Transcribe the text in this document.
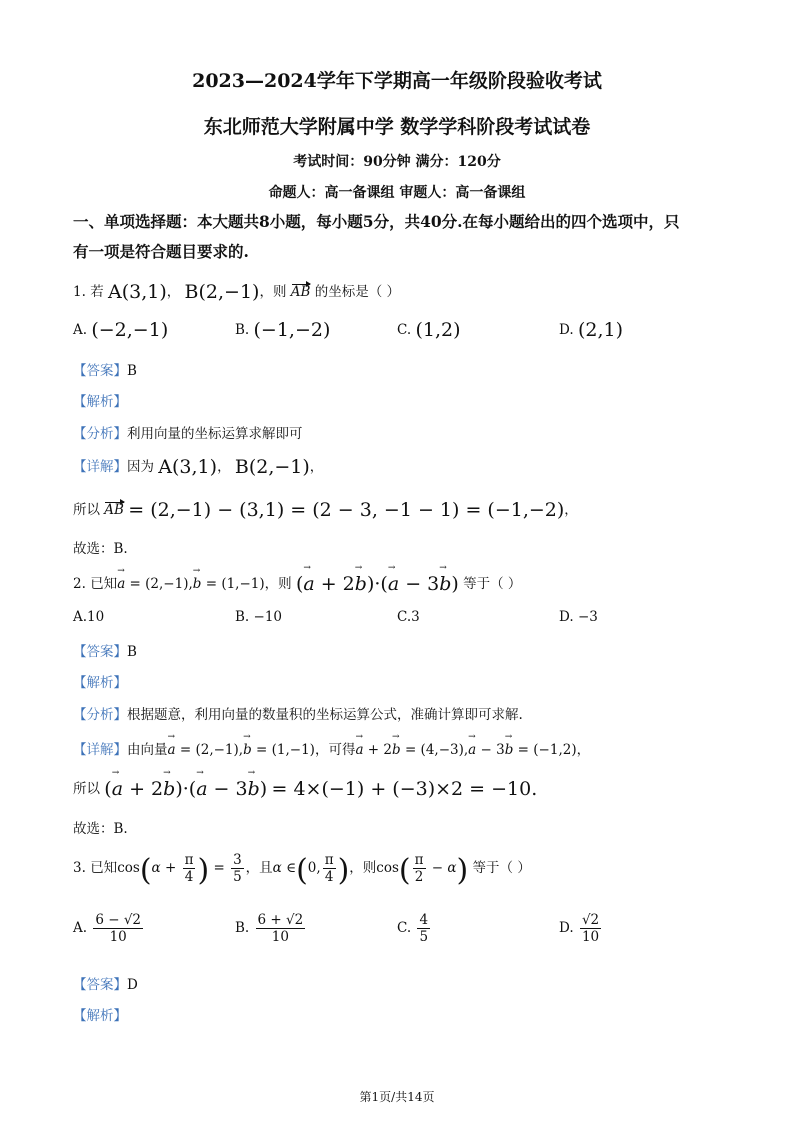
2023—2024学年下学期高一年级阶段验收考试
东北师范大学附属中学 数学学科阶段考试试卷
考试时间：90分钟 满分：120分
命题人：高一备课组 审题人：高一备课组
一、单项选择题：本大题共8小题，每小题5分，共40分.在每小题给出的四个选项中，只
有一项是符合题目要求的.
1. 若 A(3,1)， B(2,−1)，则 AB 的坐标是（ ）
A. (−2,−1)	B. (−1,−2)	C. (1,2)	D. (2,1)
【答案】B
【解析】
【分析】利用向量的坐标运算求解即可
【详解】因为 A(3,1)， B(2,−1)，
所以 AB = (2,−1) − (3,1) = (2 − 3, −1 − 1) = (−1,−2)，
故选：B.
2. 已知a → = (2,−1),b → = (1,−1)，则 (a → + 2b →)·(a → − 3b →) 等于（ ）
A.10	B. −10	C.3	D. −3
【答案】B
【解析】
【分析】根据题意，利用向量的数量积的坐标运算公式，准确计算即可求解.
【详解】由向量a → = (2,−1),b → = (1,−1)，可得a → + 2b → = (4,−3),a → − 3b → = (−1,2)，
所以 (a → + 2b →)·(a → − 3b →) = 4×(−1) + (−3)×2 = −10.
故选：B.
3. 已知$\cos(\alpha + \frac{\pi}{4}$ ) = $\frac{3}{5}$ ，且α ∈(0, $\frac{\pi}{4}$ )，则$\cos( \frac{\pi}{2} - \alpha)$ 等于（ ）
A. $\frac{6 - √2}{10}$	B. $\frac{6 + √2}{10}$	C. $\frac{4}{5}$	D. $\frac{√2}{10}$
【答案】D
【解析】
第1页/共14页
